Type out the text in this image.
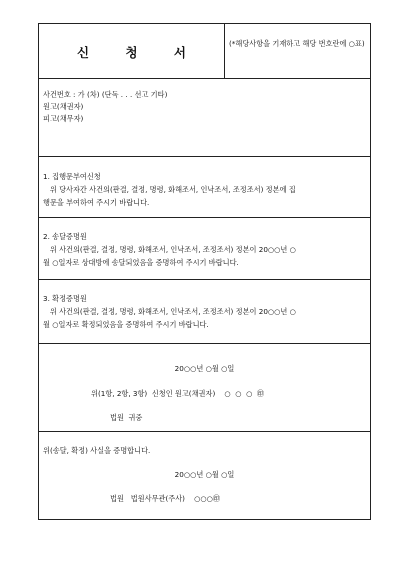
신 청 서
(*해당사항을 기재하고 해당 번호란에 ○표)
사건번호 : 가 (차) (단독 . . . 선고 기타)
원고(채권자)
피고(채무자)
1. 집행문부여신청
위 당사자간 사건의(판결, 결정, 명령, 화해조서, 인낙조서, 조정조서) 정본에 집
행문을 부여하여 주시기 바랍니다.
2. 송달증명원
위 사건의(판결, 결정, 명령, 화해조서, 인낙조서, 조정조서) 정본이 20○○년 ○
월 ○일자로 상대방에 송달되었음을 증명하여 주시기 바랍니다.
3. 확정증명원
위 사건의(판결, 결정, 명령, 화해조서, 인낙조서, 조정조서) 정본이 20○○년 ○
월 ○일자로 확정되었음을 증명하여 주시기 바랍니다.
20○○년 ○월 ○일
위(1항, 2항, 3항)  신청인 원고(채권자)    ○  ○  ○  ㊞
법원  귀중
위(송달, 확정) 사실을 증명합니다.
20○○년 ○월 ○일
법원   법원사무관(주사)    ○○○㊞
